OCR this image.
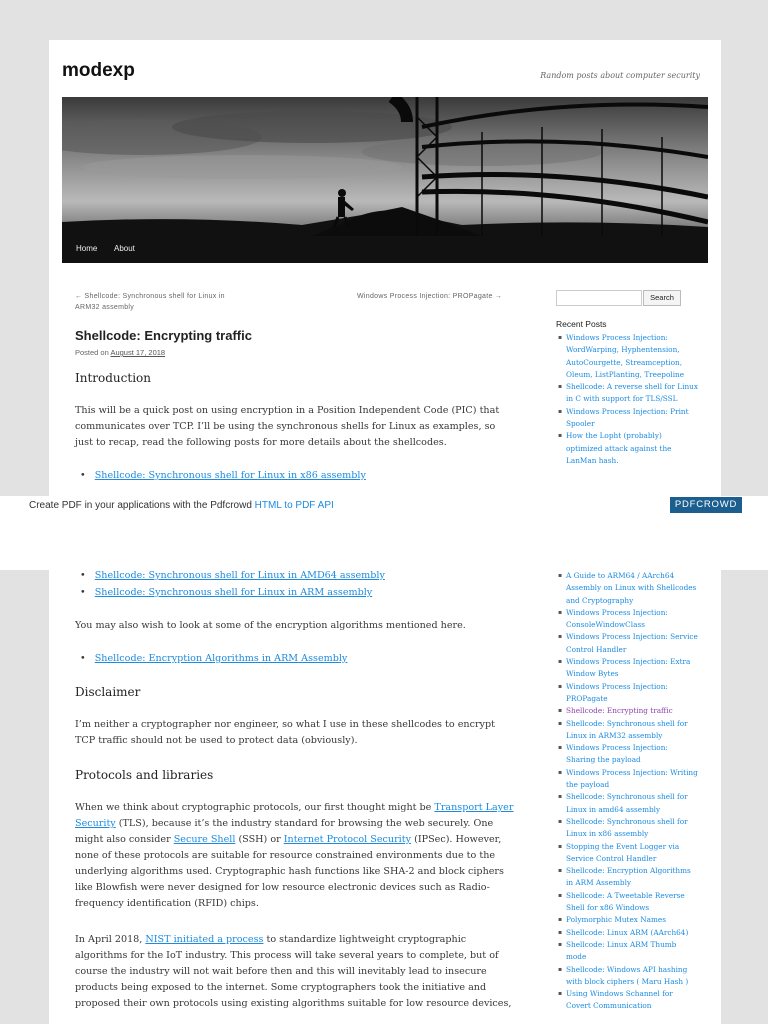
modexp	Random posts about computer security
Home About
← Shellcode: Synchronous shell for Linux in
ARM32 assembly
Windows Process Injection: PROPagate →
Shellcode: Encrypting traffic
Posted on August 17, 2018
Introduction
This will be a quick post on using encryption in a Position Independent Code (PIC) that communicates over TCP. I’ll be using the synchronous shells for Linux as examples, so just to recap, read the following posts for more details about the shellcodes.
• Shellcode: Synchronous shell for Linux in x86 assembly
Search
Recent Posts
▪ Windows Process Injection: WordWarping, Hyphentension, AutoCourgette, Streamception, Oleum, ListPlanting, Treepoline
▪ Shellcode: A reverse shell for Linux in C with support for TLS/SSL
▪ Windows Process Injection: Print Spooler
▪ How the Lopht (probably) optimized attack against the LanMan hash.
Create PDF in your applications with the Pdfcrowd HTML to PDF API	PDFCROWD
• Shellcode: Synchronous shell for Linux in AMD64 assembly
• Shellcode: Synchronous shell for Linux in ARM assembly
You may also wish to look at some of the encryption algorithms mentioned here.
• Shellcode: Encryption Algorithms in ARM Assembly
Disclaimer
I’m neither a cryptographer nor engineer, so what I use in these shellcodes to encrypt TCP traffic should not be used to protect data (obviously).
Protocols and libraries
When we think about cryptographic protocols, our first thought might be Transport Layer Security (TLS), because it’s the industry standard for browsing the web securely. One might also consider Secure Shell (SSH) or Internet Protocol Security (IPSec). However, none of these protocols are suitable for resource constrained environments due to the underlying algorithms used. Cryptographic hash functions like SHA-2 and block ciphers like Blowfish were never designed for low resource electronic devices such as Radio-frequency identification (RFID) chips.
In April 2018, NIST initiated a process to standardize lightweight cryptographic algorithms for the IoT industry. This process will take several years to complete, but of course the industry will not wait before then and this will inevitably lead to insecure products being exposed to the internet. Some cryptographers took the initiative and proposed their own protocols using existing algorithms suitable for low resource devices,
▪ A Guide to ARM64 / AArch64 Assembly on Linux with Shellcodes and Cryptography
▪ Windows Process Injection: ConsoleWindowClass
▪ Windows Process Injection: Service Control Handler
▪ Windows Process Injection: Extra Window Bytes
▪ Windows Process Injection: PROPagate
▪ Shellcode: Encrypting traffic
▪ Shellcode: Synchronous shell for Linux in ARM32 assembly
▪ Windows Process Injection: Sharing the payload
▪ Windows Process Injection: Writing the payload
▪ Shellcode: Synchronous shell for Linux in amd64 assembly
▪ Shellcode: Synchronous shell for Linux in x86 assembly
▪ Stopping the Event Logger via Service Control Handler
▪ Shellcode: Encryption Algorithms in ARM Assembly
▪ Shellcode: A Tweetable Reverse Shell for x86 Windows
▪ Polymorphic Mutex Names
▪ Shellcode: Linux ARM (AArch64)
▪ Shellcode: Linux ARM Thumb mode
▪ Shellcode: Windows API hashing with block ciphers ( Maru Hash )
▪ Using Windows Schannel for Covert Communication
